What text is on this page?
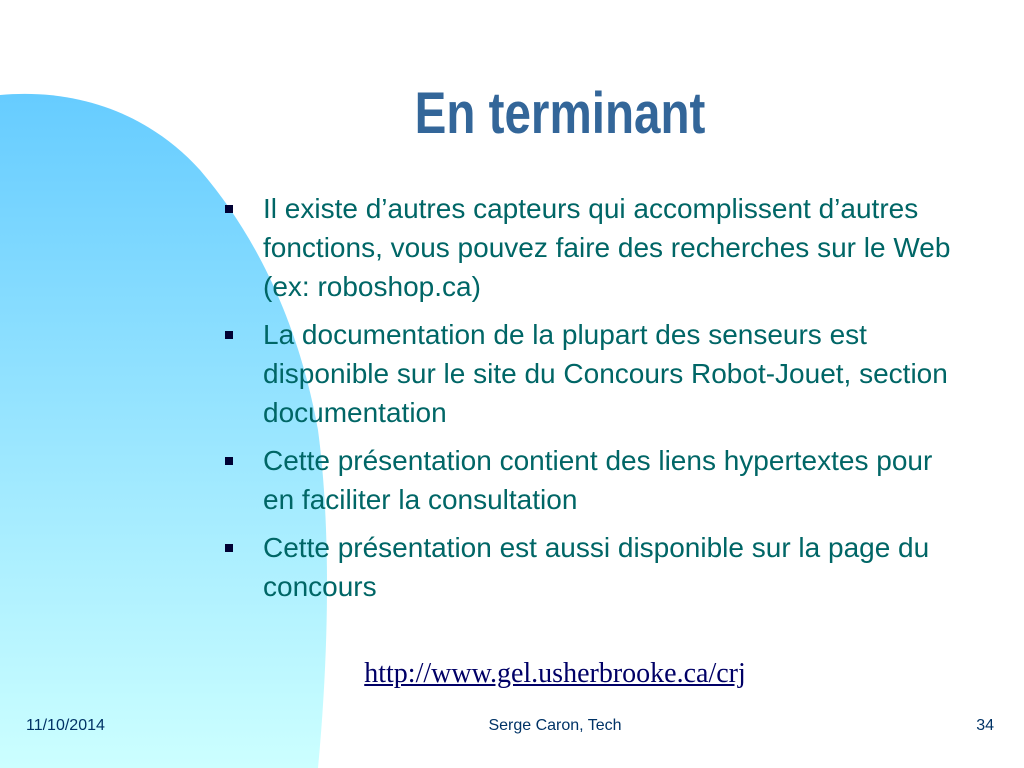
En terminant
Il existe d’autres capteurs qui accomplissent d’autres fonctions, vous pouvez faire des recherches sur le Web (ex: roboshop.ca)
La documentation de la plupart des senseurs est disponible sur le site du Concours Robot-Jouet, section documentation
Cette présentation contient des liens hypertextes pour en faciliter la consultation
Cette présentation est aussi disponible sur la page du concours
http://www.gel.usherbrooke.ca/crj
11/10/2014	Serge Caron, Tech	34
